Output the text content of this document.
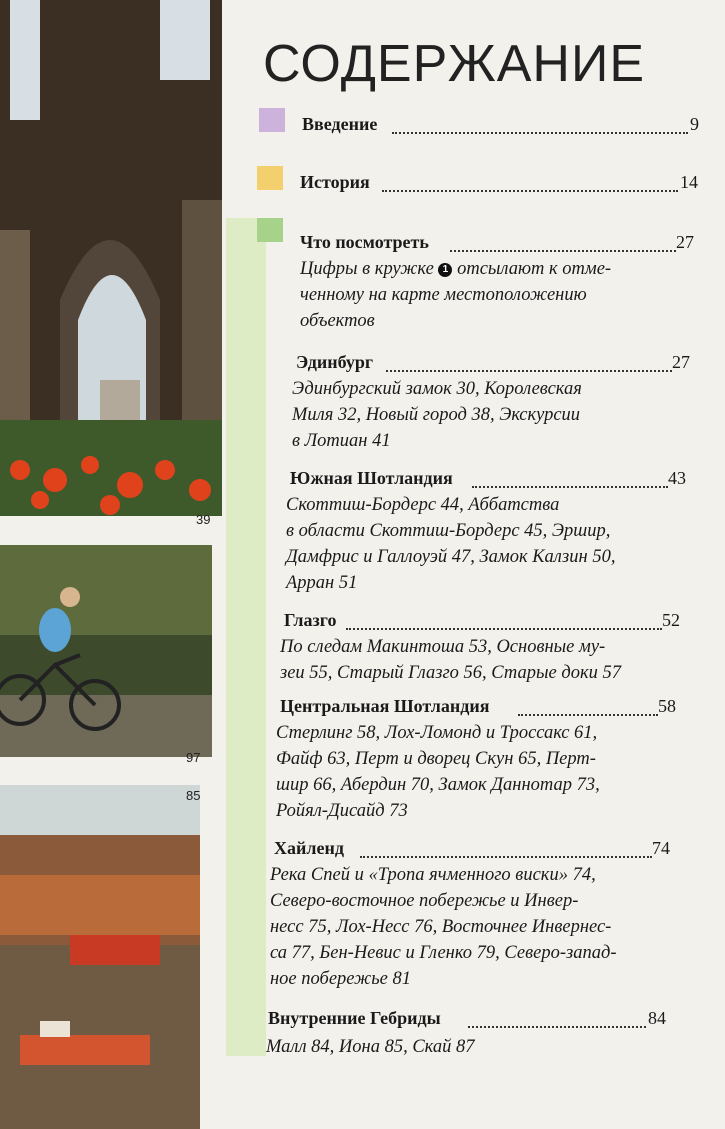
39
97
85
СОДЕРЖАНИЕ
Введение	9
История	14
Что посмотреть	27
Цифры в кружке 1 отсылают к отме-
ченному на карте местоположению
объектов
Эдинбург	27
Эдинбургский замок 30, Королевская
Миля 32, Новый город 38, Экскурсии
в Лотиан 41
Южная Шотландия	43
Скоттиш-Бордерс 44, Аббатства
в области Скоттиш-Бордерс 45, Эршир,
Дамфрис и Галлоуэй 47, Замок Калзин 50,
Арран 51
Глазго	52
По следам Макинтоша 53, Основные му-
зеи 55, Старый Глазго 56, Старые доки 57
Центральная Шотландия	58
Стерлинг 58, Лох-Ломонд и Троссакс 61,
Файф 63, Перт и дворец Скун 65, Перт-
шир 66, Абердин 70, Замок Даннотар 73,
Ройял-Дисайд 73
Хайленд	74
Река Спей и «Тропа ячменного виски» 74,
Северо-восточное побережье и Инвер-
несс 75, Лох-Несс 76, Восточнее Инвернес-
са 77, Бен-Невис и Гленко 79, Северо-запад-
ное побережье 81
Внутренние Гебриды	84
Малл 84, Иона 85, Скай 87
